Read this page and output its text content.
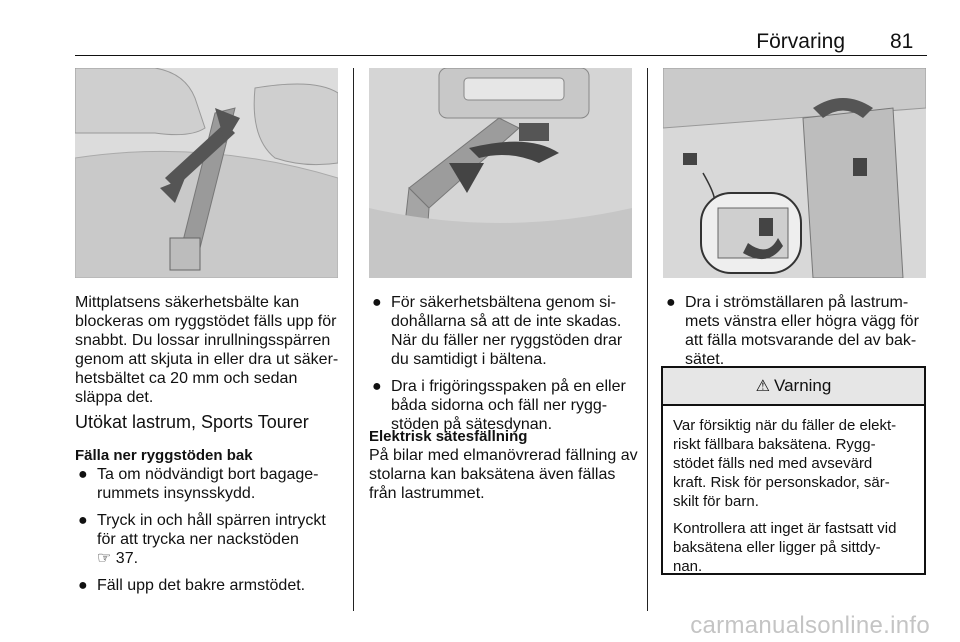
Förvaring 81
Mittplatsens säkerhetsbälte kan
blockeras om ryggstödet fälls upp för
snabbt. Du lossar inrullningsspärren
genom att skjuta in eller dra ut säker-
hetsbältet ca 20 mm och sedan
släppa det.
Utökat lastrum, Sports Tourer
Fälla ner ryggstöden bak
● Ta om nödvändigt bort bagage-
rummets insynsskydd.
● Tryck in och håll spärren intryckt
för att trycka ner nackstöden
☞ 37.
● Fäll upp det bakre armstödet.
● För säkerhetsbältena genom si-
dohållarna så att de inte skadas.
När du fäller ner ryggstöden drar
du samtidigt i bältena.
● Dra i frigöringsspaken på en eller
båda sidorna och fäll ner rygg-
stöden på sätesdynan.
Elektrisk sätesfällning
På bilar med elmanövrerad fällning av
stolarna kan baksätena även fällas
från lastrummet.
● Dra i strömställaren på lastrum-
mets vänstra eller högra vägg för
att fälla motsvarande del av bak-
sätet.
⚠ Varning

Var försiktig när du fäller de elekt-
riskt fällbara baksätena. Rygg-
stödet fälls ned med avsevärd
kraft. Risk för personskador, sär-
skilt för barn.

Kontrollera att inget är fastsatt vid
baksätena eller ligger på sittdy-
nan.

carmanualsonline.info
